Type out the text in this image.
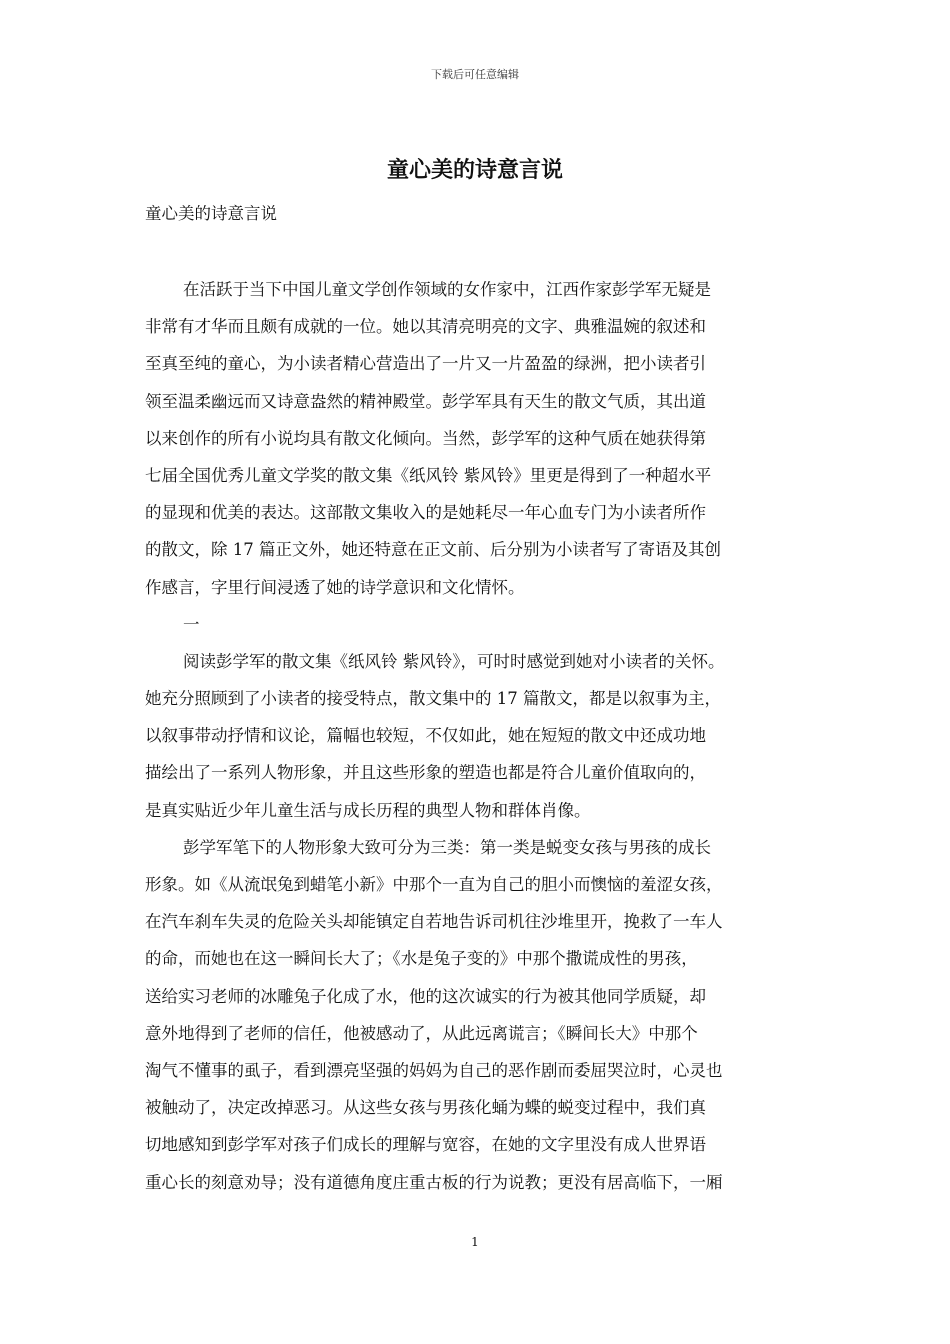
下载后可任意编辑
童心美的诗意言说
童心美的诗意言说
在活跃于当下中国儿童文学创作领域的女作家中，江西作家彭学军无疑是
非常有才华而且颇有成就的一位。她以其清亮明亮的文字、典雅温婉的叙述和
至真至纯的童心，为小读者精心营造出了一片又一片盈盈的绿洲，把小读者引
领至温柔幽远而又诗意盎然的精神殿堂。彭学军具有天生的散文气质，其出道
以来创作的所有小说均具有散文化倾向。当然，彭学军的这种气质在她获得第
七届全国优秀儿童文学奖的散文集《纸风铃 紫风铃》里更是得到了一种超水平
的显现和优美的表达。这部散文集收入的是她耗尽一年心血专门为小读者所作
的散文，除 17 篇正文外，她还特意在正文前、后分别为小读者写了寄语及其创
作感言，字里行间浸透了她的诗学意识和文化情怀。
一
阅读彭学军的散文集《纸风铃 紫风铃》，可时时感觉到她对小读者的关怀。
她充分照顾到了小读者的接受特点，散文集中的 17 篇散文，都是以叙事为主，
以叙事带动抒情和议论，篇幅也较短，不仅如此，她在短短的散文中还成功地
描绘出了一系列人物形象，并且这些形象的塑造也都是符合儿童价值取向的，
是真实贴近少年儿童生活与成长历程的典型人物和群体肖像。
彭学军笔下的人物形象大致可分为三类：第一类是蜕变女孩与男孩的成长
形象。如《从流氓兔到蜡笔小新》中那个一直为自己的胆小而懊恼的羞涩女孩，
在汽车刹车失灵的危险关头却能镇定自若地告诉司机往沙堆里开，挽救了一车人
的命，而她也在这一瞬间长大了；《水是兔子变的》中那个撒谎成性的男孩，
送给实习老师的冰雕兔子化成了水，他的这次诚实的行为被其他同学质疑，却
意外地得到了老师的信任，他被感动了，从此远离谎言；《瞬间长大》中那个
淘气不懂事的虱子，看到漂亮坚强的妈妈为自己的恶作剧而委屈哭泣时，心灵也
被触动了，决定改掉恶习。从这些女孩与男孩化蛹为蝶的蜕变过程中，我们真
切地感知到彭学军对孩子们成长的理解与宽容，在她的文字里没有成人世界语
重心长的刻意劝导；没有道德角度庄重古板的行为说教；更没有居高临下，一厢
1
